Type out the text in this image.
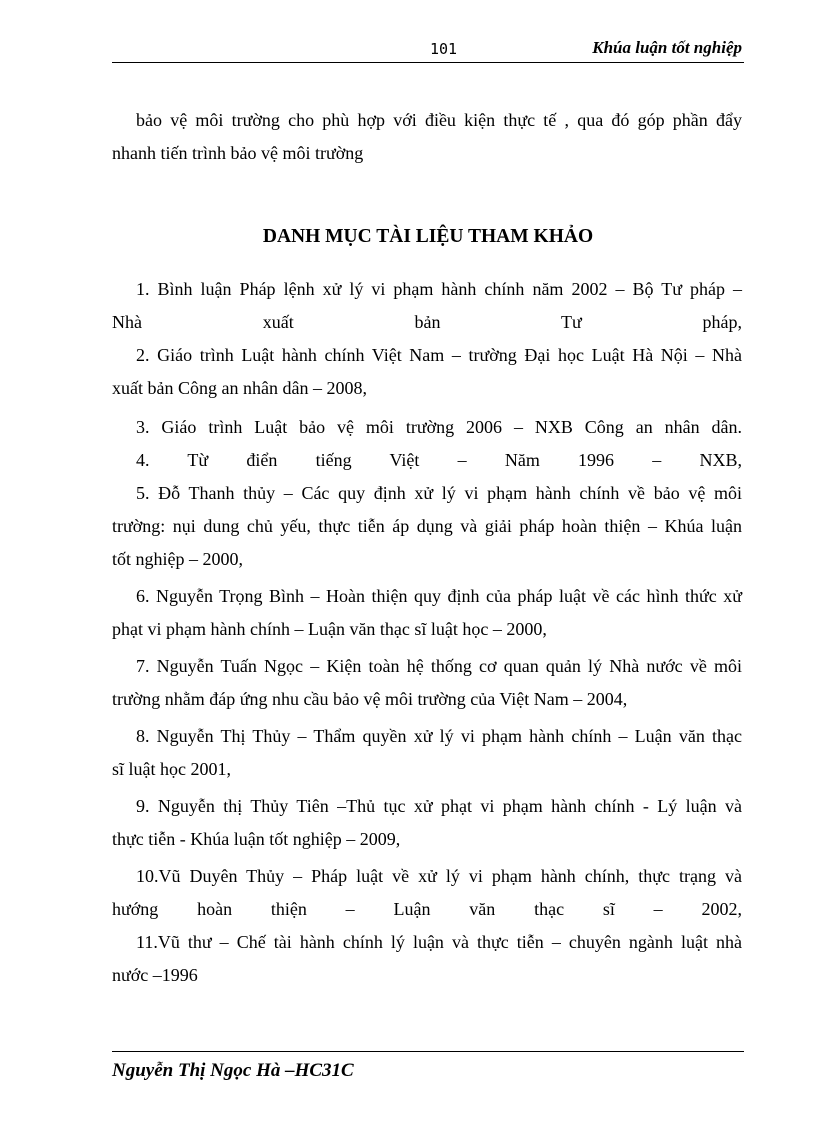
101	Khúa luận tốt nghiệp

bảo vệ môi trường cho phù hợp với điều kiện thực tế , qua đó góp phần đẩy

nhanh tiến trình bảo vệ môi trường

DANH MỤC TÀI LIỆU THAM KHẢO

1. Bình luận Pháp lệnh xử lý vi phạm hành chính năm 2002 – Bộ Tư pháp –

Nhà xuất bản Tư pháp,

2. Giáo trình Luật hành chính Việt Nam – trường Đại học Luật Hà Nội – Nhà

xuất bản Công an nhân dân – 2008,

3. Giáo trình Luật bảo vệ môi trường 2006 – NXB Công an nhân dân.

4. Từ điển tiếng Việt – Năm 1996 – NXB,

5. Đỗ Thanh thủy – Các quy định xử lý vi phạm hành chính về bảo vệ môi

trường: nụi dung chủ yếu, thực tiễn áp dụng và giải pháp hoàn thiện – Khúa luận

tốt nghiệp – 2000,

6. Nguyễn Trọng Bình – Hoàn thiện quy định của pháp luật về các hình thức xử

phạt vi phạm hành chính – Luận văn thạc sĩ luật học – 2000,

7. Nguyễn Tuấn Ngọc – Kiện toàn hệ thống cơ quan quản lý Nhà nước về môi

trường nhằm đáp ứng nhu cầu bảo vệ môi trường của Việt Nam – 2004,

8. Nguyễn Thị Thủy – Thẩm quyền xử lý vi phạm hành chính – Luận văn thạc

sĩ luật học 2001,

9. Nguyễn thị Thủy Tiên –Thủ tục xử phạt vi phạm hành chính - Lý luận và

thực tiễn - Khúa luận tốt nghiệp – 2009,

10.Vũ Duyên Thủy – Pháp luật về xử lý vi phạm hành chính, thực trạng và

hướng hoàn thiện – Luận văn thạc sĩ – 2002,

11.Vũ thư – Chế tài hành chính lý luận và thực tiễn – chuyên ngành luật nhà

nước –1996

Nguyễn Thị Ngọc Hà –HC31C
